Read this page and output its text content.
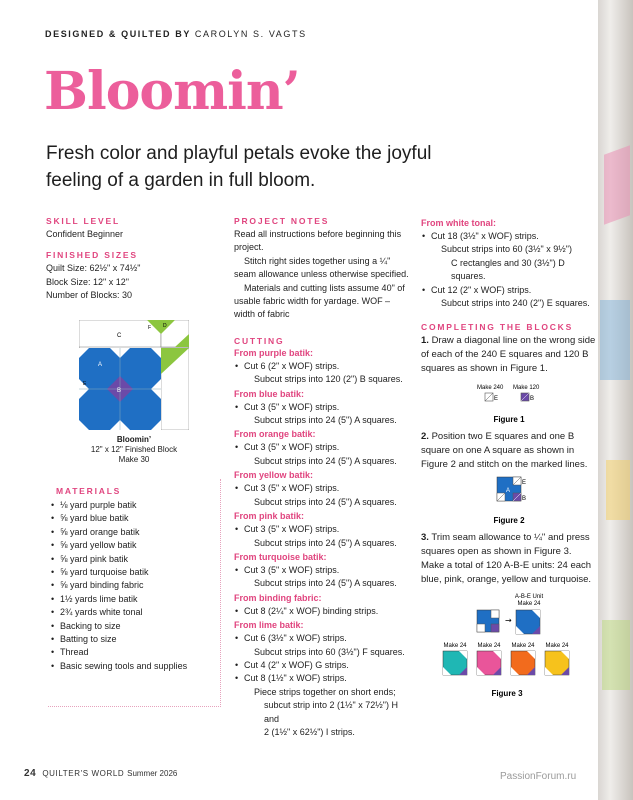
DESIGNED & QUILTED BY CAROLYN S. VAGTS
Bloomin’
Fresh color and playful petals evoke the joyful feeling of a garden in full bloom.
SKILL LEVEL
Confident Beginner
FINISHED SIZES
Quilt Size: 62½" x 74½"
Block Size: 12" x 12"
Number of Blocks: 30
C
F D
A
E
B
Bloomin’
12" x 12" Finished Block
Make 30
MATERIALS
• ⅛ yard purple batik
• ⅝ yard blue batik
• ⅝ yard orange batik
• ⅝ yard yellow batik
• ⅝ yard pink batik
• ⅝ yard turquoise batik
• ⅝ yard binding fabric
• 1½ yards lime batik
• 2¾ yards white tonal
• Backing to size
• Batting to size
• Thread
• Basic sewing tools and supplies
PROJECT NOTES
Read all instructions before beginning this project.
Stitch right sides together using a ¼" seam allowance unless otherwise specified.
Materials and cutting lists assume 40" of usable fabric width for yardage. WOF – width of fabric
CUTTING
From purple batik:
• Cut 6 (2" x WOF) strips.
Subcut strips into 120 (2") B squares.
From blue batik:
• Cut 3 (5" x WOF) strips.
Subcut strips into 24 (5") A squares.
From orange batik:
• Cut 3 (5" x WOF) strips.
Subcut strips into 24 (5") A squares.
From yellow batik:
• Cut 3 (5" x WOF) strips.
Subcut strips into 24 (5") A squares.
From pink batik:
• Cut 3 (5" x WOF) strips.
Subcut strips into 24 (5") A squares.
From turquoise batik:
• Cut 3 (5" x WOF) strips.
Subcut strips into 24 (5") A squares.
From binding fabric:
• Cut 8 (2¼" x WOF) binding strips.
From lime batik:
• Cut 6 (3½" x WOF) strips.
Subcut strips into 60 (3½") F squares.
• Cut 4 (2" x WOF) G strips.
• Cut 8 (1½" x WOF) strips.
Piece strips together on short ends;
subcut strip into 2 (1½" x 72½") H and
2 (1½" x 62½") I strips.
From white tonal:
• Cut 18 (3½" x WOF) strips.
Subcut strips into 60 (3½" x 9½")
C rectangles and 30 (3½") D squares.
• Cut 12 (2" x WOF) strips.
Subcut strips into 240 (2") E squares.
COMPLETING THE BLOCKS
1. Draw a diagonal line on the wrong side of each of the 240 E squares and 120 B squares as shown in Figure 1.
Make 240 Make 120
E	B
Figure 1
2. Position two E squares and one B square on one A square as shown in Figure 2 and stitch on the marked lines.
E
A
B
Figure 2
3. Trim seam allowance to ¼" and press squares open as shown in Figure 3. Make a total of 120 A-B-E units: 24 each blue, pink, orange, yellow and turquoise.
A-B-E Unit
Make 24
→
Make 24 Make 24 Make 24 Make 24
Figure 3
24 QUILTER'S WORLD Summer 2026	PassionForum.ru
